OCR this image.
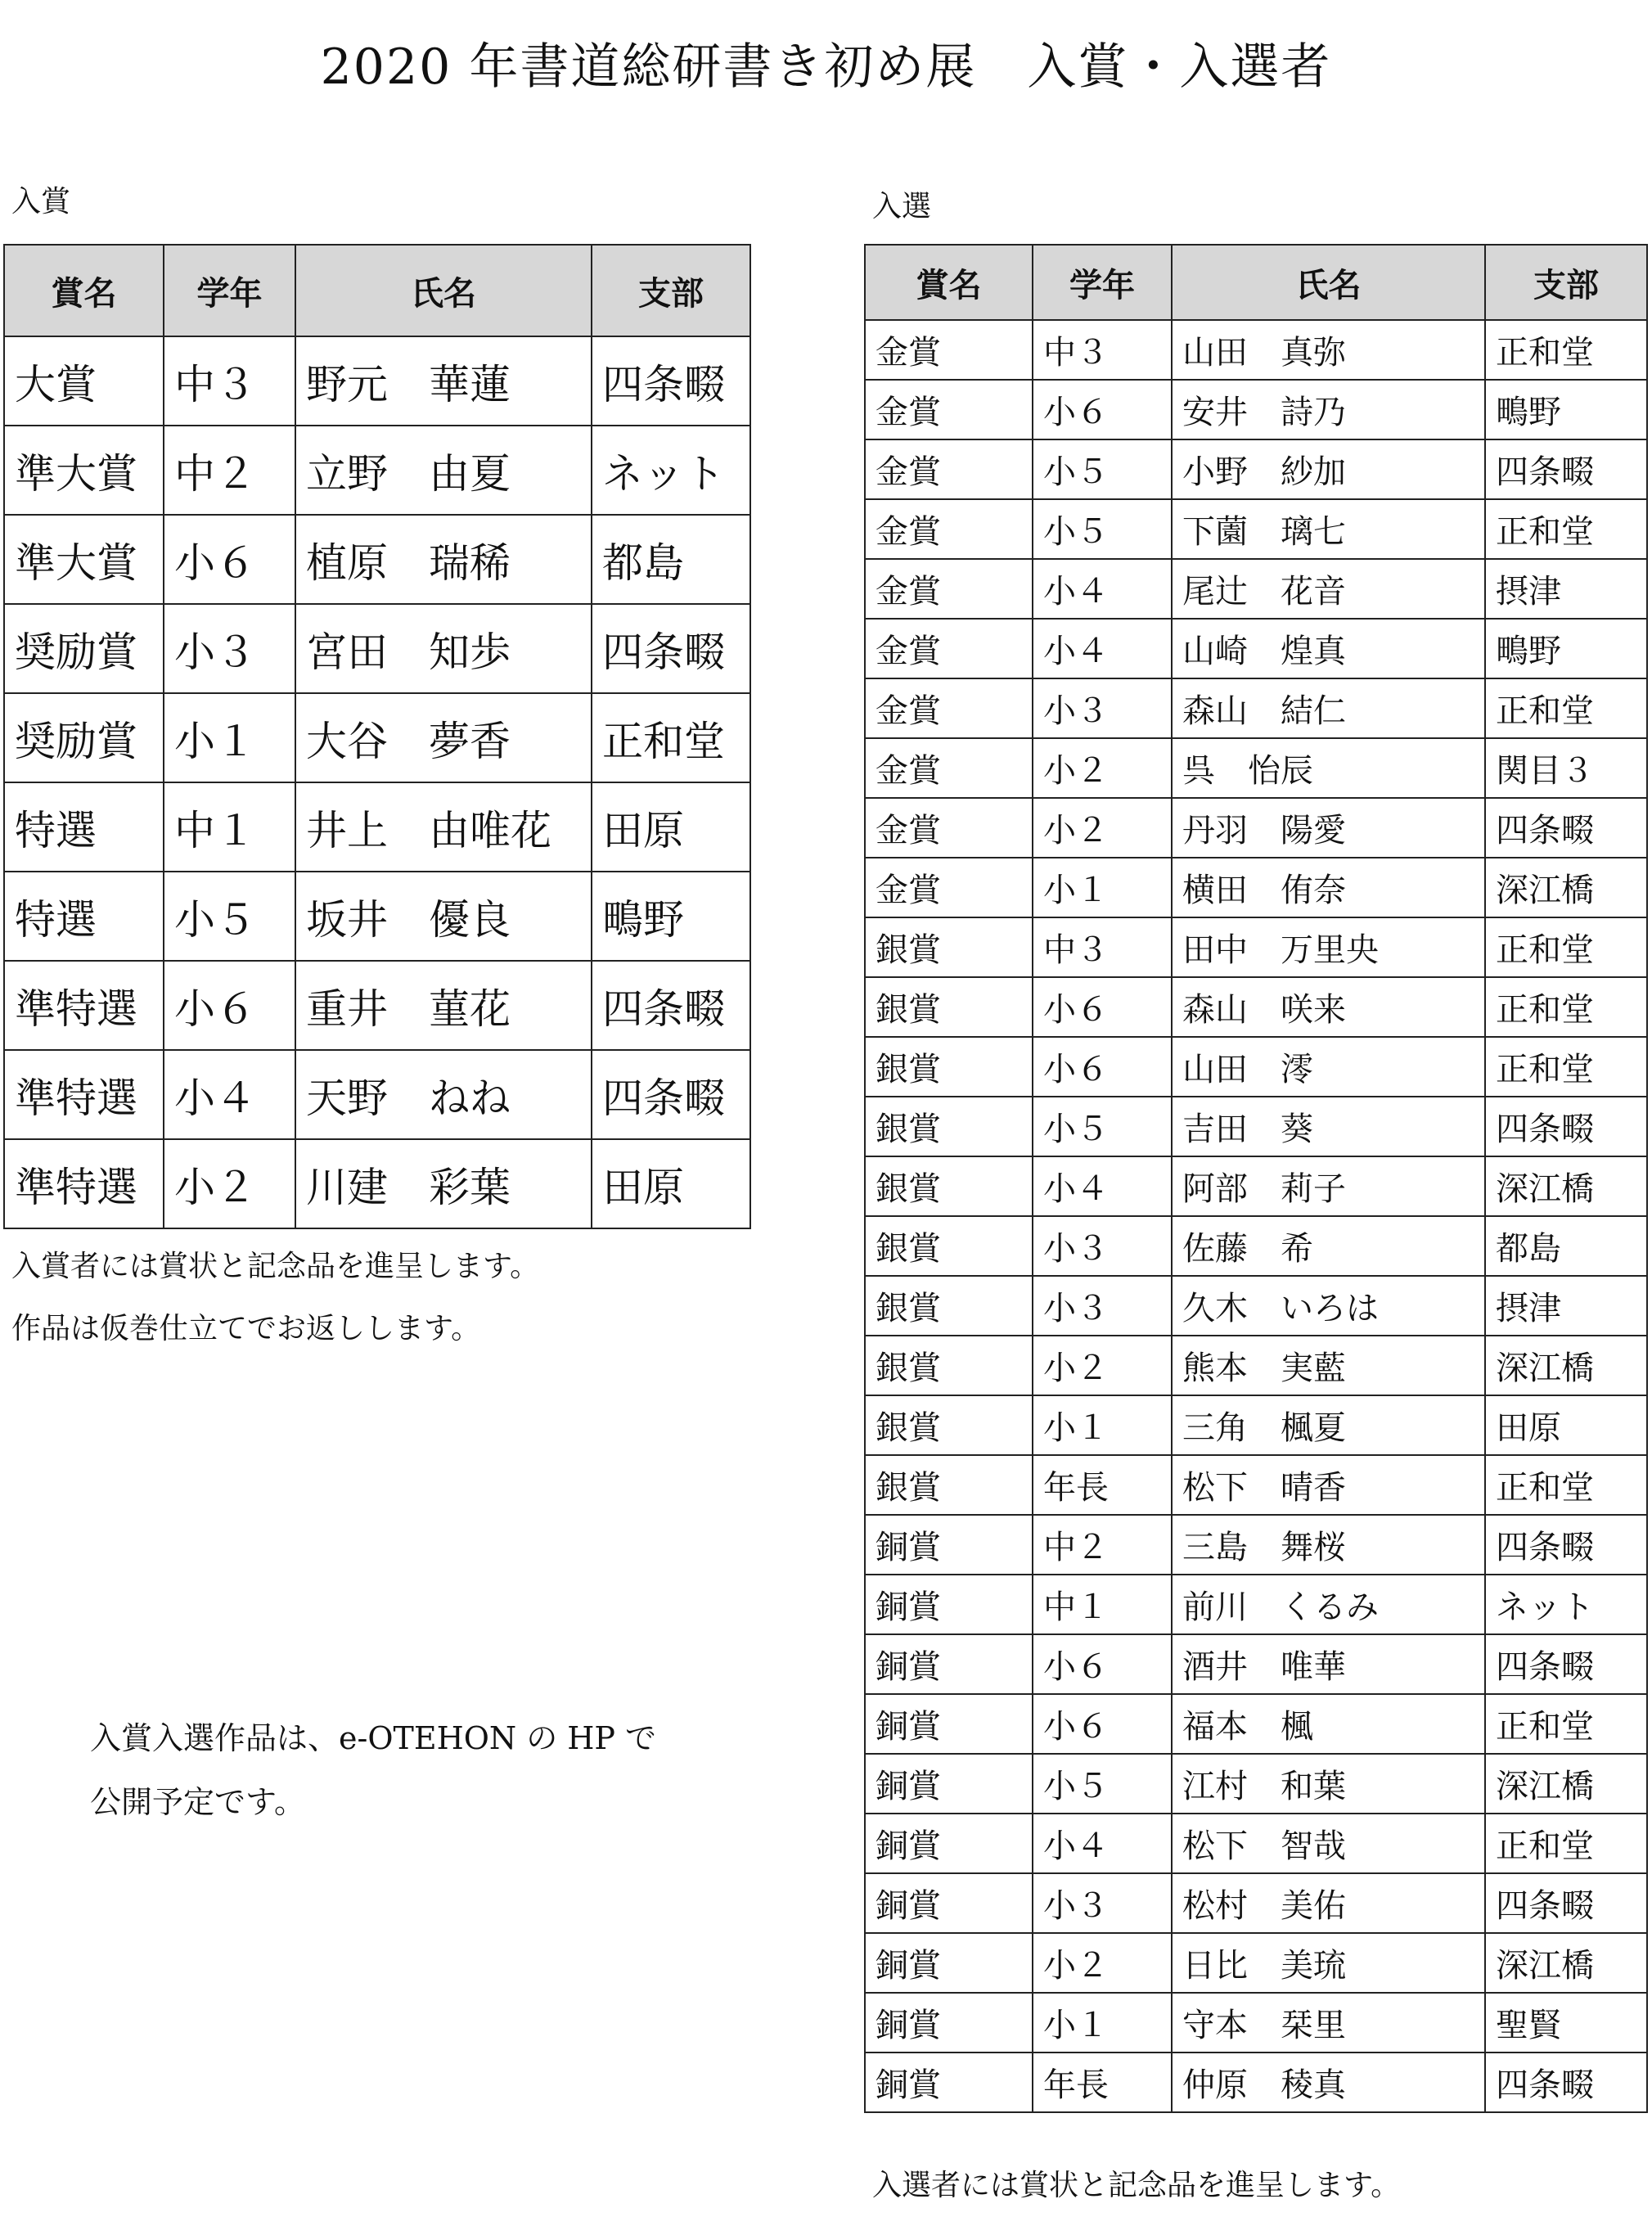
2020 年書道総研書き初め展　入賞・入選者
入賞	入選
賞名	学年	氏名	支部
大賞	中３	野元　華蓮	四条畷
準大賞	中２	立野　由夏	ネット
準大賞	小６	植原　瑞稀	都島
奨励賞	小３	宮田　知歩	四条畷
奨励賞	小１	大谷　夢香	正和堂
特選	中１	井上　由唯花	田原
特選	小５	坂井　優良	鴫野
準特選	小６	重井　菫花	四条畷
準特選	小４	天野　ねね	四条畷
準特選	小２	川建　彩葉	田原
入賞者には賞状と記念品を進呈します。
作品は仮巻仕立てでお返しします。
入賞入選作品は、e-OTEHON の HP で
公開予定です。
賞名	学年	氏名	支部
金賞	中３	山田　真弥	正和堂
金賞	小６	安井　詩乃	鴫野
金賞	小５	小野　紗加	四条畷
金賞	小５	下薗　璃七	正和堂
金賞	小４	尾辻　花音	摂津
金賞	小４	山崎　煌真	鴫野
金賞	小３	森山　結仁	正和堂
金賞	小２	呉　怡辰	関目３
金賞	小２	丹羽　陽愛	四条畷
金賞	小１	横田　侑奈	深江橋
銀賞	中３	田中　万里央	正和堂
銀賞	小６	森山　咲来	正和堂
銀賞	小６	山田　澪	正和堂
銀賞	小５	吉田　葵	四条畷
銀賞	小４	阿部　莉子	深江橋
銀賞	小３	佐藤　希	都島
銀賞	小３	久木　いろは	摂津
銀賞	小２	熊本　実藍	深江橋
銀賞	小１	三角　楓夏	田原
銀賞	年長	松下　晴香	正和堂
銅賞	中２	三島　舞桜	四条畷
銅賞	中１	前川　くるみ	ネット
銅賞	小６	酒井　唯華	四条畷
銅賞	小６	福本　楓	正和堂
銅賞	小５	江村　和葉	深江橋
銅賞	小４	松下　智哉	正和堂
銅賞	小３	松村　美佑	四条畷
銅賞	小２	日比　美琉	深江橋
銅賞	小１	守本　栞里	聖賢
銅賞	年長	仲原　稜真	四条畷
入選者には賞状と記念品を進呈します。
